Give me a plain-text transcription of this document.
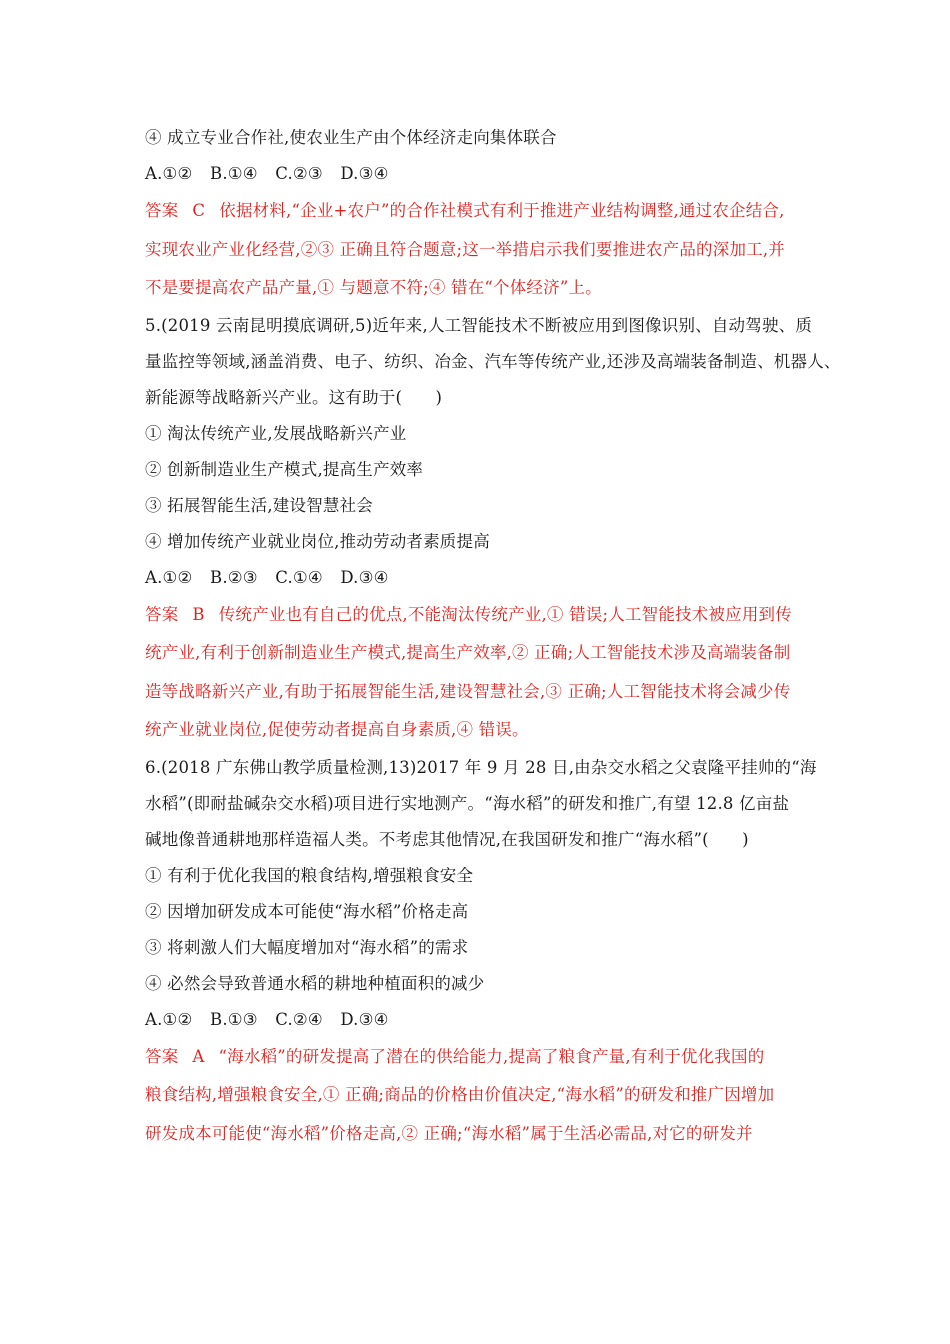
④ 成立专业合作社,使农业生产由个体经济走向集体联合
A.①② B.①④ C.②③ D.③④
答案 C 依据材料,“企业+农户”的合作社模式有利于推进产业结构调整,通过农企结合,
实现农业产业化经营,②③ 正确且符合题意;这一举措启示我们要推进农产品的深加工,并
不是要提高农产品产量,① 与题意不符;④ 错在“个体经济”上。
5.(2019 云南昆明摸底调研,5)近年来,人工智能技术不断被应用到图像识别、自动驾驶、质
量监控等领域,涵盖消费、电子、纺织、冶金、汽车等传统产业,还涉及高端装备制造、机器人、
新能源等战略新兴产业。这有助于(　　)
① 淘汰传统产业,发展战略新兴产业
② 创新制造业生产模式,提高生产效率
③ 拓展智能生活,建设智慧社会
④ 增加传统产业就业岗位,推动劳动者素质提高
A.①② B.②③ C.①④ D.③④
答案 B 传统产业也有自己的优点,不能淘汰传统产业,① 错误;人工智能技术被应用到传
统产业,有利于创新制造业生产模式,提高生产效率,② 正确;人工智能技术涉及高端装备制
造等战略新兴产业,有助于拓展智能生活,建设智慧社会,③ 正确;人工智能技术将会减少传
统产业就业岗位,促使劳动者提高自身素质,④ 错误。
6.(2018 广东佛山教学质量检测,13)2017 年 9 月 28 日,由杂交水稻之父袁隆平挂帅的“海
水稻”(即耐盐碱杂交水稻)项目进行实地测产。“海水稻”的研发和推广,有望 12.8 亿亩盐
碱地像普通耕地那样造福人类。不考虑其他情况,在我国研发和推广“海水稻”(　　)
① 有利于优化我国的粮食结构,增强粮食安全
② 因增加研发成本可能使“海水稻”价格走高
③ 将刺激人们大幅度增加对“海水稻”的需求
④ 必然会导致普通水稻的耕地种植面积的减少
A.①② B.①③ C.②④ D.③④
答案 A “海水稻”的研发提高了潜在的供给能力,提高了粮食产量,有利于优化我国的
粮食结构,增强粮食安全,① 正确;商品的价格由价值决定,“海水稻”的研发和推广因增加
研发成本可能使“海水稻”价格走高,② 正确;“海水稻”属于生活必需品,对它的研发并
